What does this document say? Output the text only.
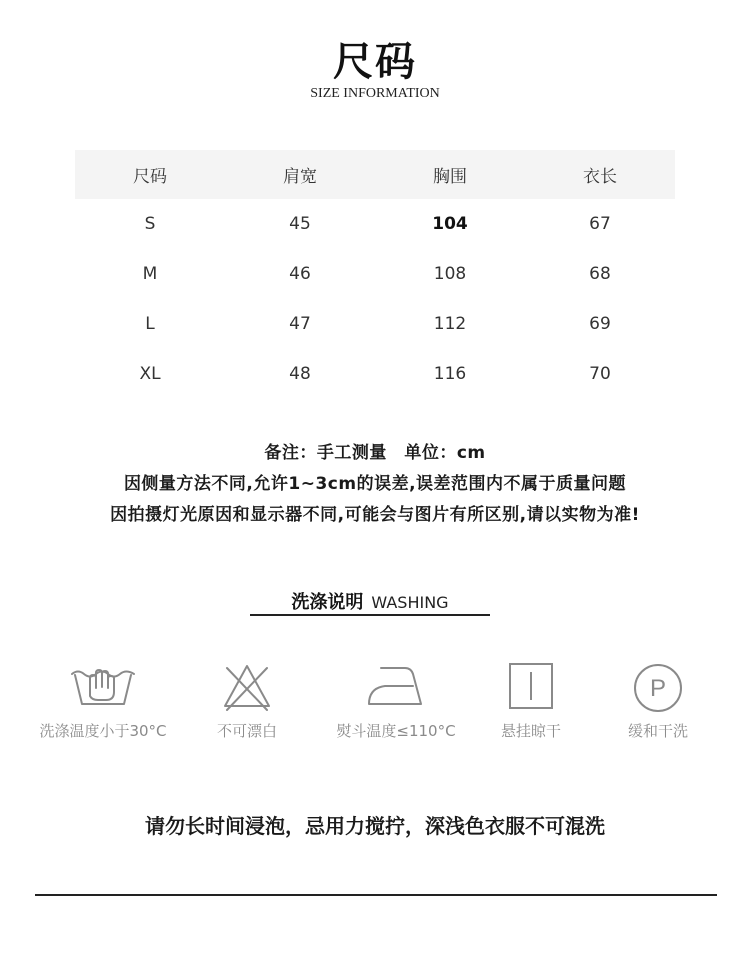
尺码
SIZE INFORMATION
尺码	肩宽	胸围	衣长
S	45	104	67
M	46	108	68
L	47	112	69
XL	48	116	70
备注：手工测量　单位：cm
因侧量方法不同,允许1~3cm的误差,误差范围内不属于质量问题
因拍摄灯光原因和显示器不同,可能会与图片有所区别,请以实物为准!
洗涤说明 WASHING
洗涤温度小于30°C	不可漂白	熨斗温度≤110°C	悬挂晾干
P
缓和干洗
请勿长时间浸泡，忌用力搅拧，深浅色衣服不可混洗
